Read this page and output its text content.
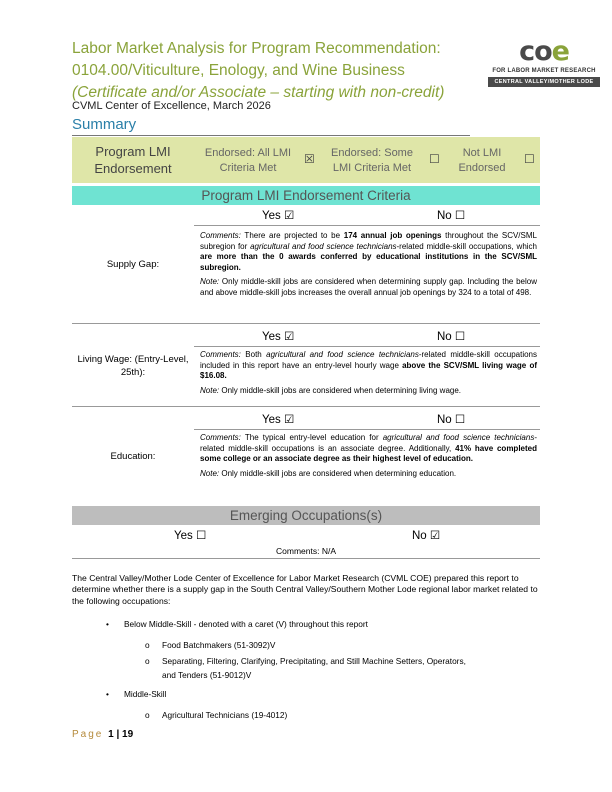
Labor Market Analysis for Program Recommendation:
0104.00/Viticulture, Enology, and Wine Business
(Certificate and/or Associate – starting with non-credit)
CVML Center of Excellence, March 2026
coe
FOR LABOR MARKET RESEARCH
CENTRAL VALLEY/MOTHER LODE
Summary
Program LMI Endorsement
Endorsed: All LMI Criteria Met
☒	Endorsed: Some LMI Criteria Met
☐	Not LMI Endorsed
☐
Program LMI Endorsement Criteria
Supply Gap:
Yes ☑	No ☐

Comments: There are projected to be 174 annual job openings throughout the SCV/SML subregion for agricultural and food science technicians-related middle-skill occupations, which are more than the 0 awards conferred by educational institutions in the SCV/SML subregion.

Note: Only middle-skill jobs are considered when determining supply gap. Including the below and above middle-skill jobs increases the overall annual job openings by 324 to a total of 498.

Living Wage: (Entry-Level, 25th):
Yes ☑	No ☐

Comments: Both agricultural and food science technicians-related middle-skill occupations included in this report have an entry-level hourly wage above the SCV/SML living wage of $16.08.

Note: Only middle-skill jobs are considered when determining living wage.

Education:
Yes ☑	No ☐

Comments: The typical entry-level education for agricultural and food science technicians-related middle-skill occupations is an associate degree. Additionally, 41% have completed some college or an associate degree as their highest level of education.

Note: Only middle-skill jobs are considered when determining education.

Emerging Occupations(s)
Yes ☐	No ☑
Comments: N/A
The Central Valley/Mother Lode Center of Excellence for Labor Market Research (CVML COE) prepared this report to determine whether there is a supply gap in the South Central Valley/Southern Mother Lode regional labor market related to the following occupations:
• Below Middle-Skill - denoted with a caret (V) throughout this report
o Food Batchmakers (51-3092)V
o Separating, Filtering, Clarifying, Precipitating, and Still Machine Setters, Operators,
and Tenders (51-9012)V
• Middle-Skill
o Agricultural Technicians (19-4012)
Page 1 | 19
